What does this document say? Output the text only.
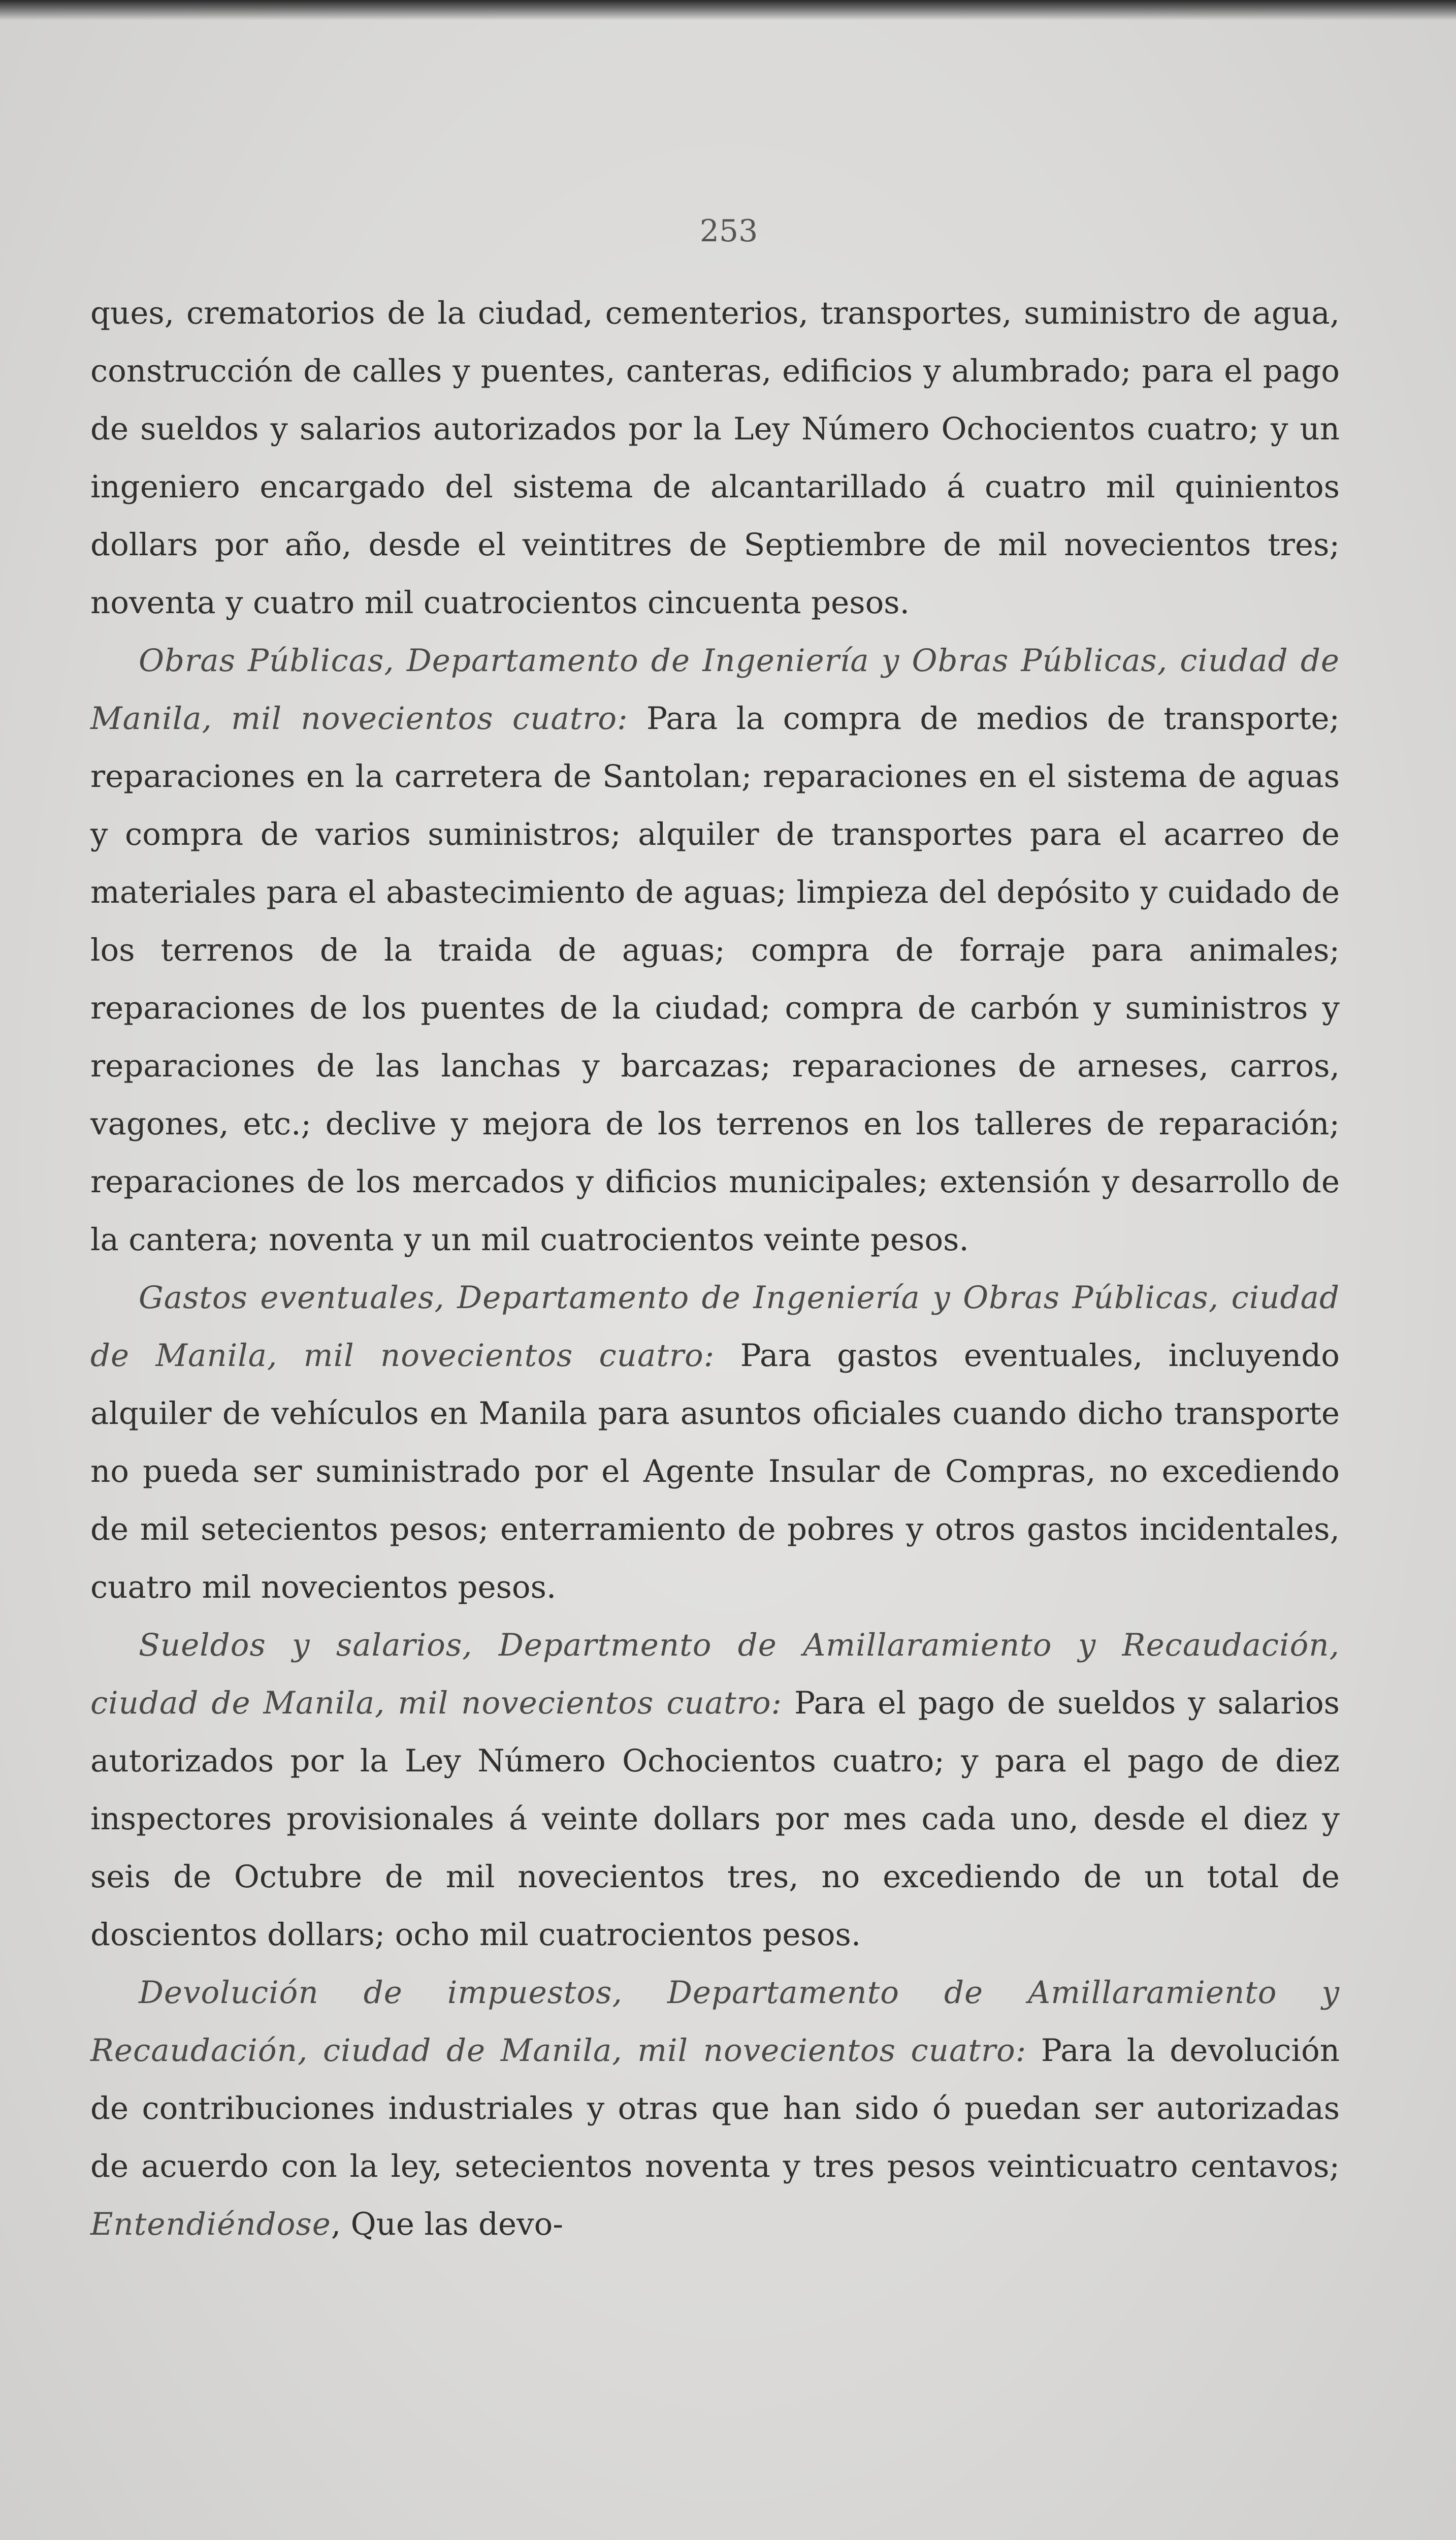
253

ques, crematorios de la ciudad, cementerios, transportes, suministro de agua, construcción de calles y puentes, canteras, edificios y alumbrado; para el pago de sueldos y salarios autorizados por la Ley Número Ochocientos cuatro; y un ingeniero encargado del sistema de alcantarillado á cuatro mil quinientos dollars por año, desde el veintitres de Septiembre de mil novecientos tres; noventa y cuatro mil cuatrocientos cincuenta pesos.

Obras Públicas, Departamento de Ingeniería y Obras Públicas, ciudad de Manila, mil novecientos cuatro: Para la compra de medios de transporte; reparaciones en la carretera de Santolan; reparaciones en el sistema de aguas y compra de varios suministros; alquiler de transportes para el acarreo de materiales para el abastecimiento de aguas; limpieza del depósito y cuidado de los terrenos de la traida de aguas; compra de forraje para animales; reparaciones de los puentes de la ciudad; compra de carbón y suministros y reparaciones de las lanchas y barcazas; reparaciones de arneses, carros, vagones, etc.; declive y mejora de los terrenos en los talleres de reparación; reparaciones de los mercados y dificios municipales; extensión y desarrollo de la cantera; noventa y un mil cuatrocientos veinte pesos.

Gastos eventuales, Departamento de Ingeniería y Obras Públicas, ciudad de Manila, mil novecientos cuatro: Para gastos eventuales, incluyendo alquiler de vehículos en Manila para asuntos oficiales cuando dicho transporte no pueda ser suministrado por el Agente Insular de Compras, no excediendo de mil setecientos pesos; enterramiento de pobres y otros gastos incidentales, cuatro mil novecientos pesos.

Sueldos y salarios, Departmento de Amillaramiento y Recaudación, ciudad de Manila, mil novecientos cuatro: Para el pago de sueldos y salarios autorizados por la Ley Número Ochocientos cuatro; y para el pago de diez inspectores provisionales á veinte dollars por mes cada uno, desde el diez y seis de Octubre de mil novecientos tres, no excediendo de un total de doscientos dollars; ocho mil cuatrocientos pesos.

Devolución de impuestos, Departamento de Amillaramiento y Recaudación, ciudad de Manila, mil novecientos cuatro: Para la devolución de contribuciones industriales y otras que han sido ó puedan ser autorizadas de acuerdo con la ley, setecientos noventa y tres pesos veinticuatro centavos; Entendiéndose, Que las devo-
